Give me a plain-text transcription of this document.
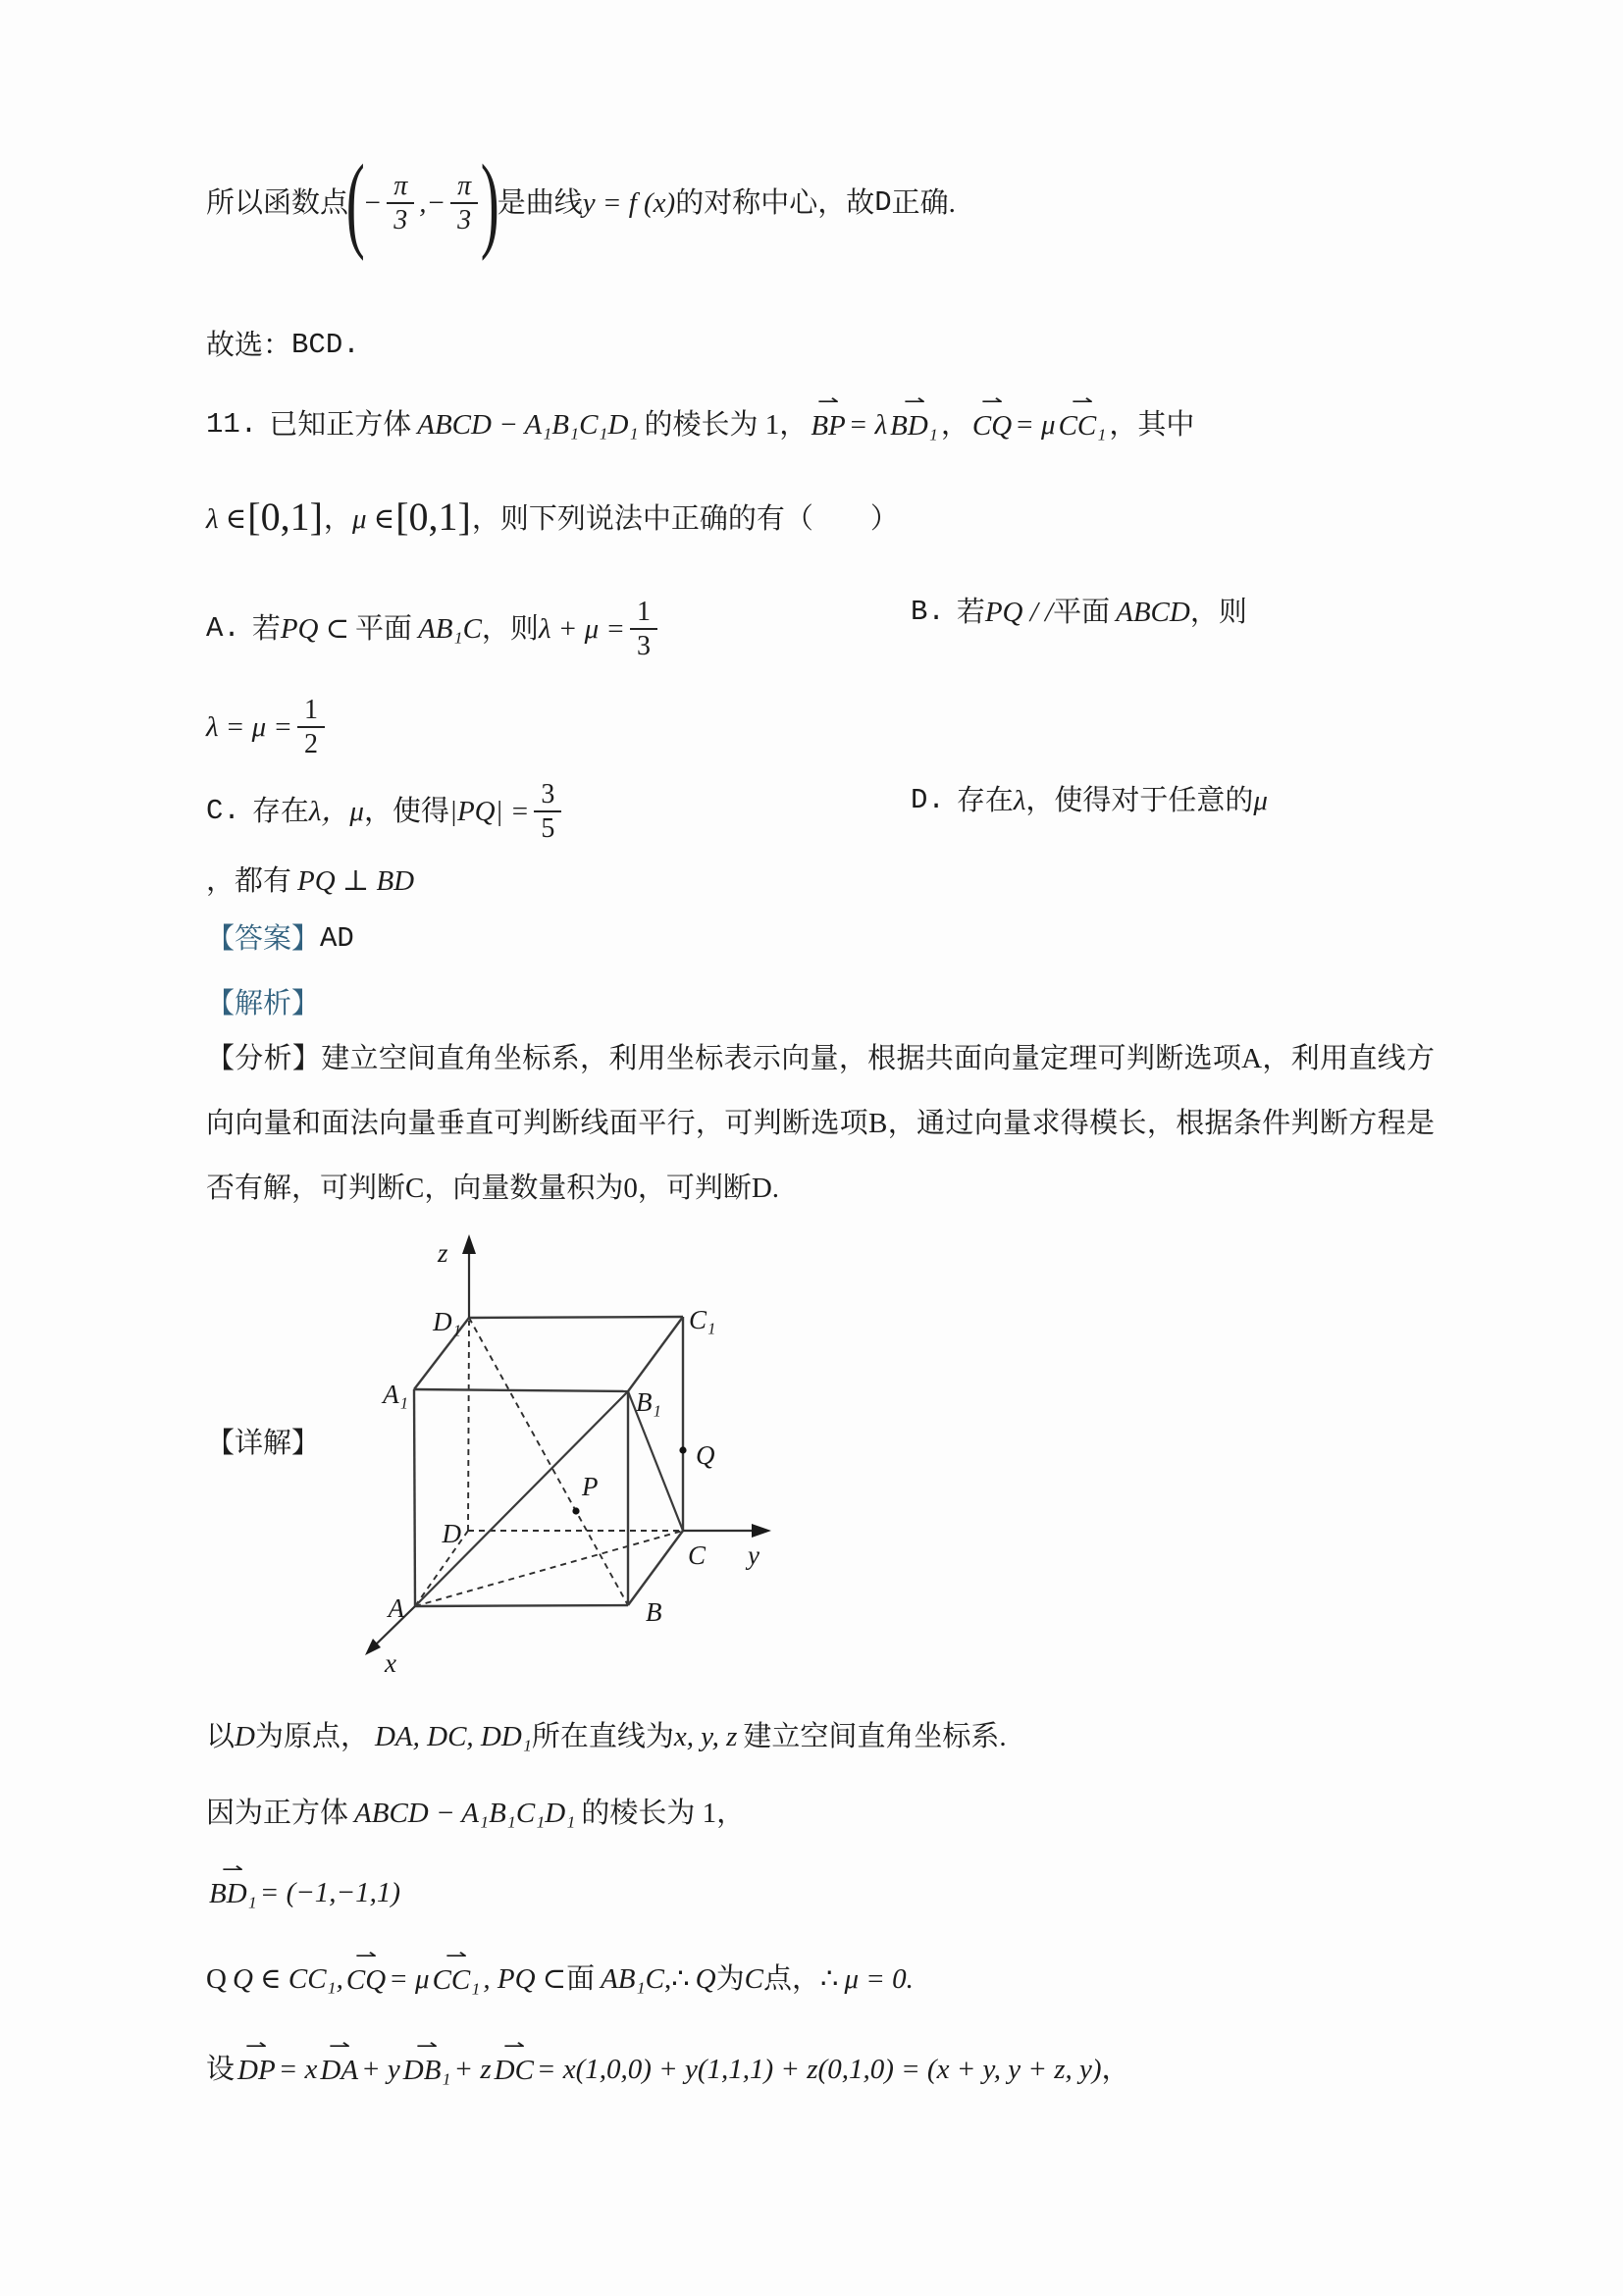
所以函数点
(
− $\frac{\pi}{3}$ ,− $\frac{\pi}{3}$ )
是曲线 y = f (x) 的对称中心，故 D 正确.
故选： BCD.
11. 已知正方体 ABCD − A₁B₁C₁D₁ 的棱长为 1，
⇀
BP = λ
⇀
BD₁ ，
⇀
CQ = μ
⇀
CC₁ ，其中
λ ∈ [0,1] ， μ ∈ [0,1] ，则下列说法中正确的有（　　）
A. 若 PQ ⊂ 平面 AB₁C ，则 $\lambda + \mu = \frac{1}{3}$	B. 若 PQ / / 平面 ABCD ，则
$\lambda = \mu = \frac{1}{2}$
C. 存在 λ，μ ，使得 $|PQ| = \frac{3}{5}$	D. 存在 λ ，使得对于任意的 μ
，都有 PQ ⊥ BD
【答案】 AD
【解析】
【分析】建立空间直角坐标系，利用坐标表示向量，根据共面向量定理可判断选项A，利用直线方向向量和面法向量垂直可判断线面平行，可判断选项B，通过向量求得模长，根据条件判断方程是否有解，可判断C，向量数量积为0，可判断D.
【详解】
z
y
x
D₁	C₁
A₁	B₁
D
C
A	B
P
Q
以 D 为原点， DA, DC, DD₁ 所在直线为 x, y, z 建立空间直角坐标系.
因为正方体 ABCD − A₁B₁C₁D₁ 的棱长为 1，
⇀
BD₁ = (−1,−1,1)
Q Q ∈ CC₁,
⇀
CQ = μ
⇀
CC₁ , PQ ⊂ 面 AB₁C ,∴ Q 为 C 点， ∴ μ = 0.
设
⇀
DP = x
⇀
DA + y
⇀
DB₁ + z
⇀
DC = x(1,0,0) + y(1,1,1) + z(0,1,0) = (x + y, y + z, y) ，
